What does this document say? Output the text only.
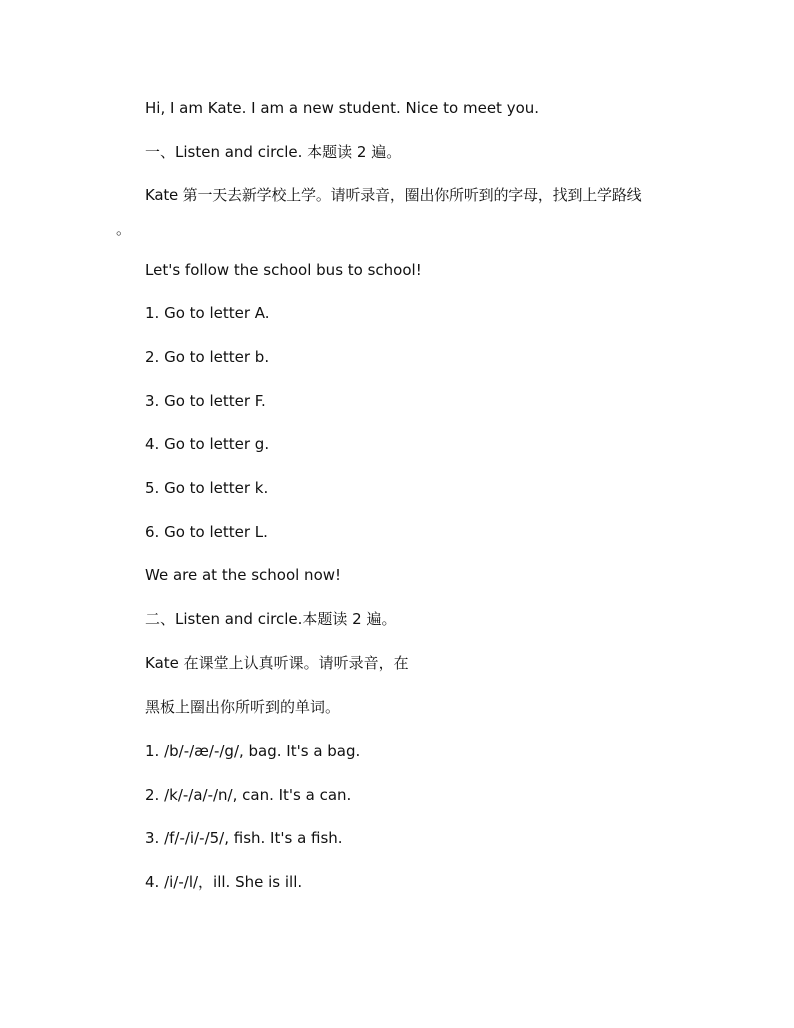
Hi, I am Kate. I am a new student. Nice to meet you.
一、Listen and circle. 本题读 2 遍。
Kate 第一天去新学校上学。请听录音，圈出你所听到的字母，找到上学路线
。
Let's follow the school bus to school!
1. Go to letter A.
2. Go to letter b.
3. Go to letter F.
4. Go to letter g.
5. Go to letter k.
6. Go to letter L.
We are at the school now!
二、Listen and circle.本题读 2 遍。
Kate 在课堂上认真听课。请听录音，在
黑板上圈出你所听到的单词。
1. /b/-/æ/-/g/, bag. It's a bag.
2. /k/-/a/-/n/, can. It's a can.
3. /f/-/i/-/5/, fish. It's a fish.
4. /i/-/l/，ill. She is ill.
